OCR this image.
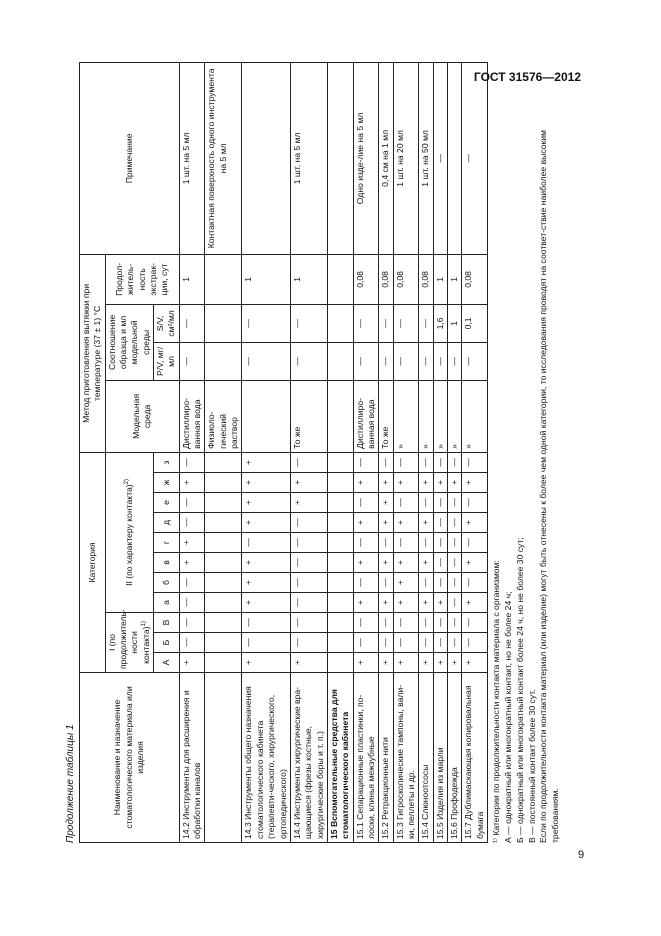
ГОСТ 31576—2012
Продолжение таблицы 1	Наименование и назначение стоматологического материала или изделия	Категория											Метод приготовления вытяжки при температуре (37 ± 1) °С				Примечание
	I (по продолжитель-ности контакта)$^{1)}$			II (по характеру контакта)$^{2)}$								Модельная среда	Соотношение образца и мл модельной среды		Продол-житель-ность экстрак-ции, сут	
													P/V, мг/мл	S/V, см²/мл		
	А	Б	В	а	б	в	г	д	е	ж	з					
14.2 Инструменты для расширения и обработки каналов	+	—	—	—	—	+	+	—	—	+	—	Дистиллиро-ванная вода	—	—	1	1 шт. на 5 мл
												Физиоло-гический раствор				Контактная поверхность одного инструмента на 5 мл
14.3 Инструменты общего назначения стоматологического кабинета (терапевти-ческого, хирургического, ортопедического)	+	—	—	+	+	+	—	+	+	+	+		—	—	1	
14.4 Инструменты хирургические вра-щающиеся (фрезы костные, хирургические боры и т. п.)	+	—	—	—	—	—	—	—	+	+	—	То же	—	—	1	1 шт. на 5 мл
15 Вспомогательные средства для стоматологического кабинета																
15.1 Сепарационные пластинки, по-лоски, клинья межзубные	+	—	—	+	—	+	—	+	—	+	—	Дистиллиро-ванная вода	—	—	0,08	Одно изде-лие на 5 мл
15.2 Ретракционные нити	+	—	—	+	—	+	—	+	+	+	—	То же	—	—	0,08	0,4 см на 1 мл
15.3 Гигроскопические тампоны, вали-ки, пеллеты и др.	+	—	—	+	+	+	—	+	—	+	—	»	—	—	0,08	1 шт. на 20 мл
15.4 Слюноотсосы	+	—	—	+	—	+	—	+	—	+	—	»	—	—	0,08	1 шт. на 50 мл
15.5 Изделия из марли	+	—	—	+	—	—	—	—	—	+	—	»	—	1,6	1	—
15.6 Профодежда	+	—	—	—	—	—	—	—	—	+	—	»	—	1	1	
15.7 Дублимаскающая копировальная бумага	+	—	—	+	—	+	—	+	—	+	—	»	—	0,1	0,08	—
¹⁾ Категории по продолжительности контакта материала с организмом: А — однократный или многократный контакт, но не более 24 ч; Б — однократный или многократный контакт более 24 ч, но не более 30 сут; В — постоянный контакт более 30 сут. Если по продолжительности контакта материал (или изделие) могут быть отнесены к более чем одной категории, то исследования проводят на соответ-ствие наиболее высоким требованиям.
9
